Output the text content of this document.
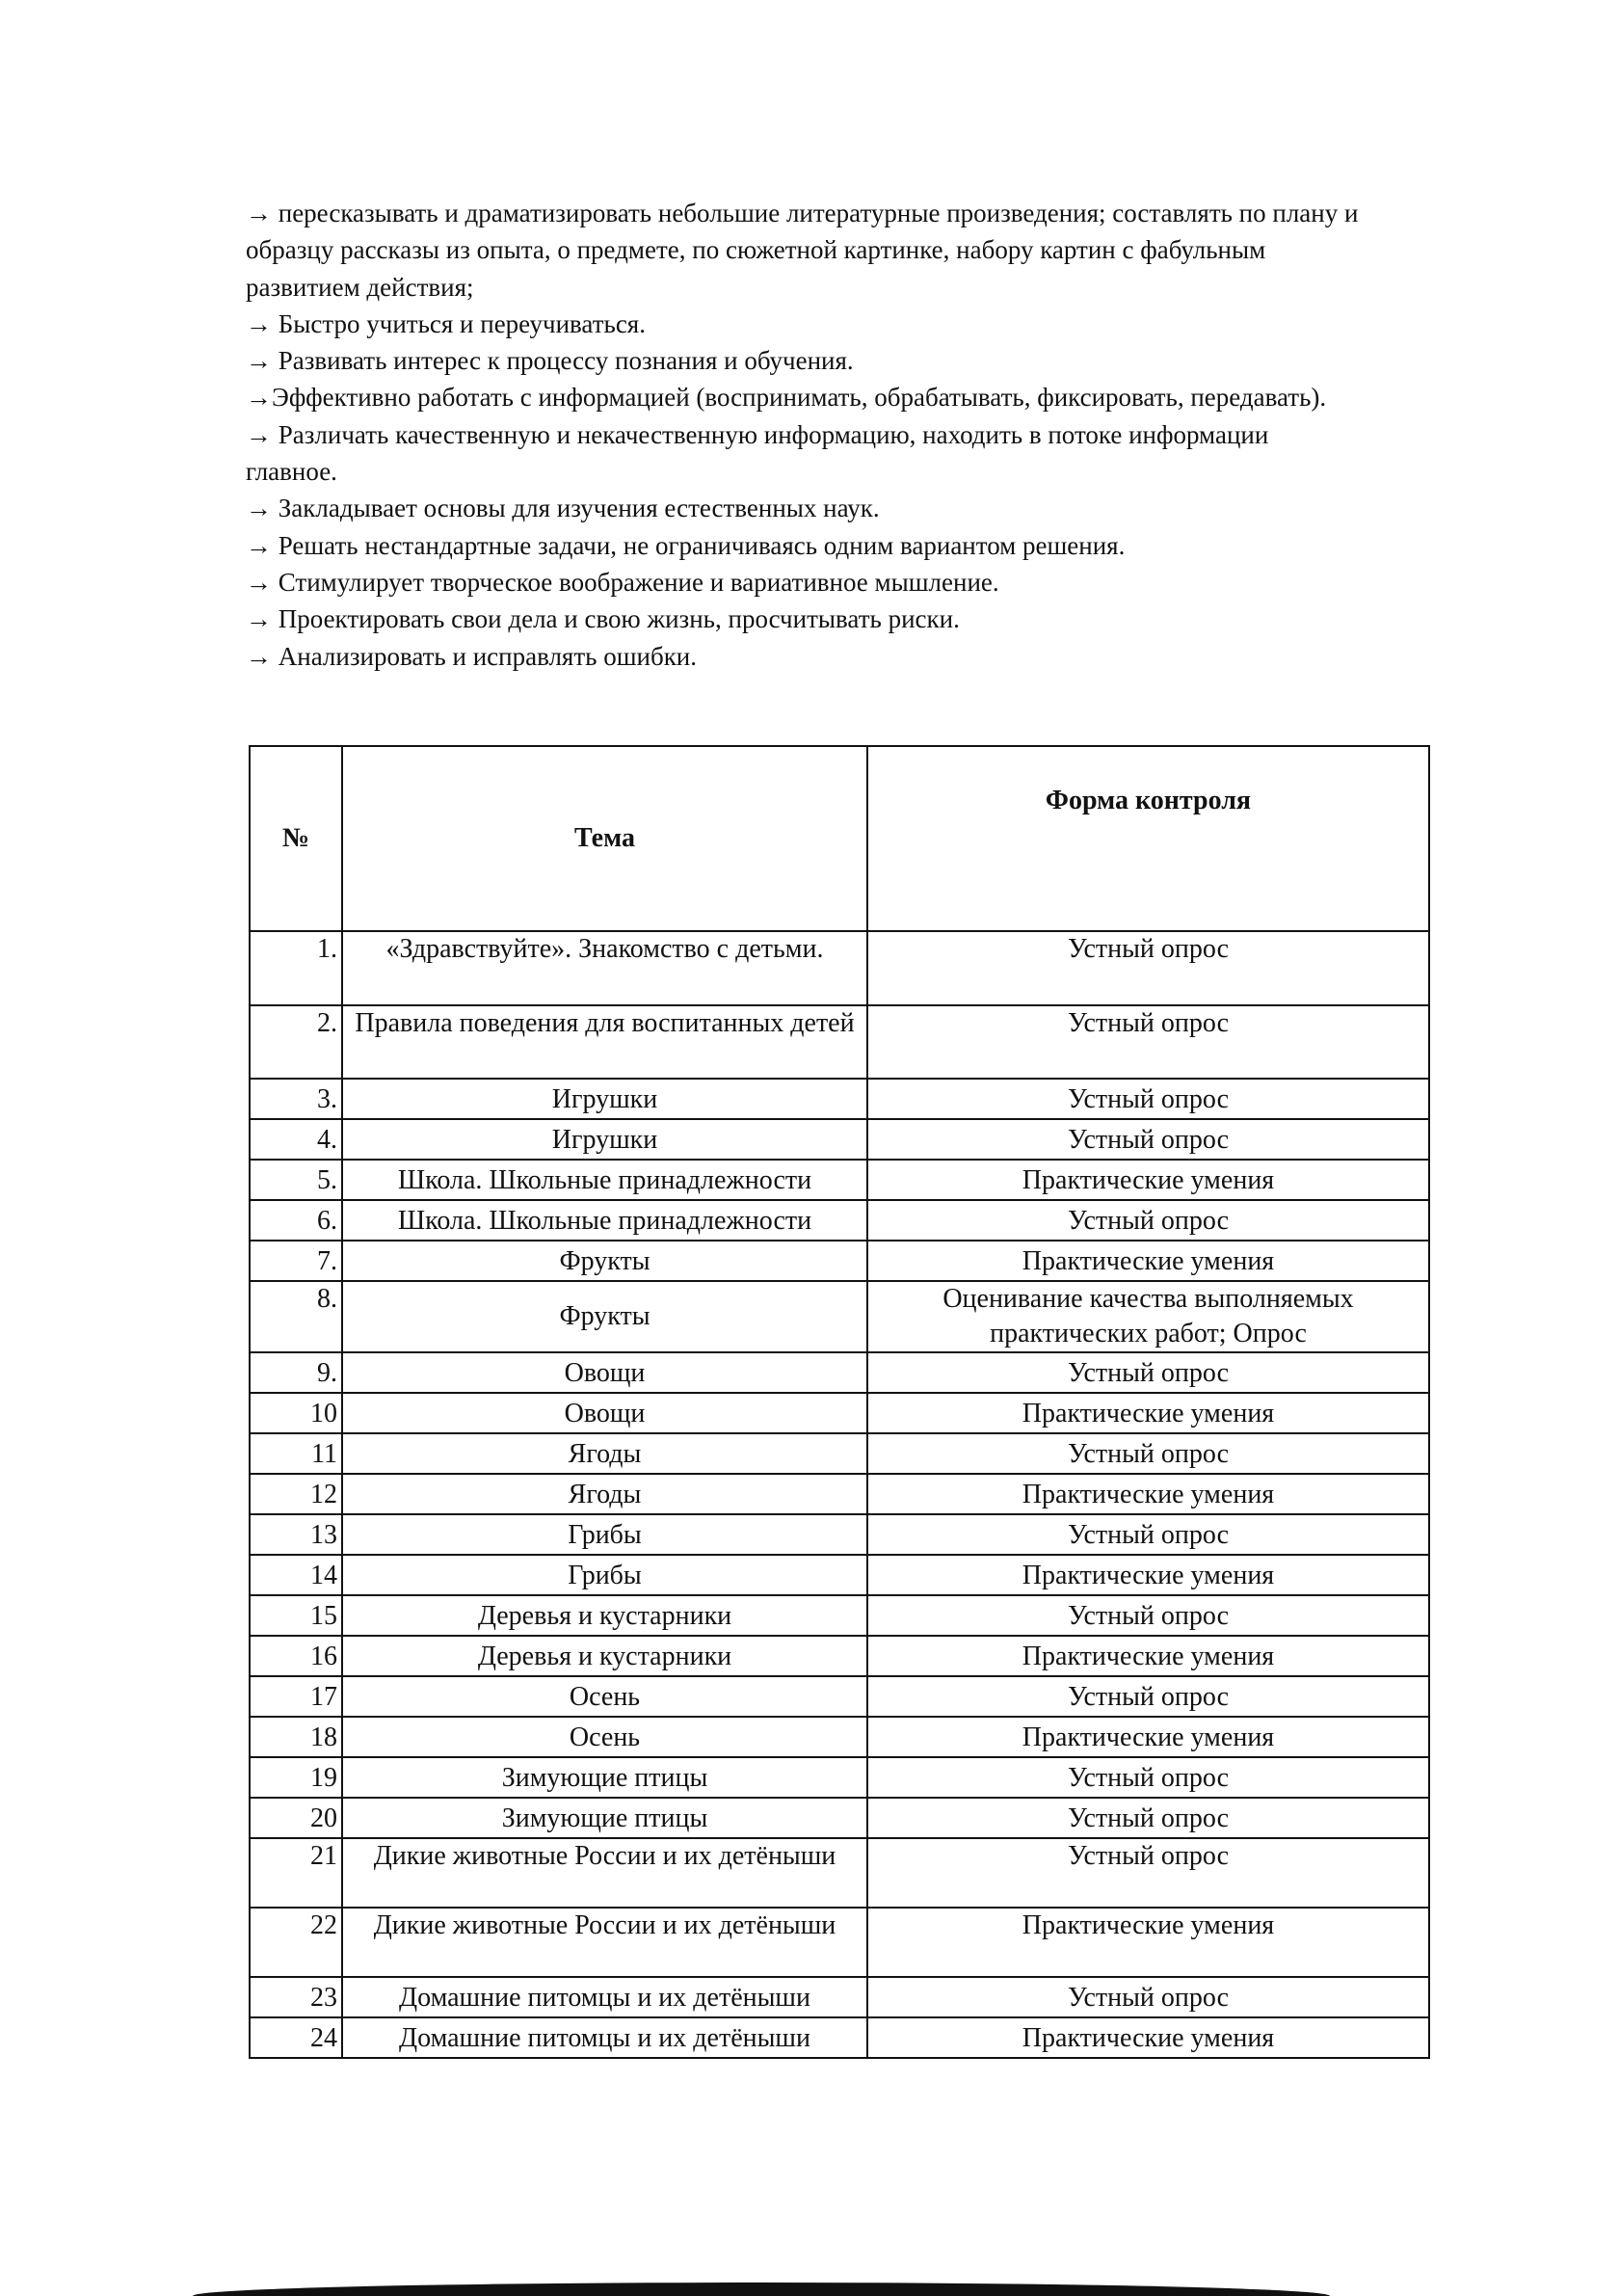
→ пересказывать и драматизировать небольшие литературные произведения; составлять по плану и образцу рассказы из опыта, о предмете, по сюжетной картинке, набору картин с фабульным развитием действия;

→ Быстро учиться и переучиваться.

→ Развивать интерес к процессу познания и обучения.

→Эффективно работать с информацией (воспринимать, обрабатывать, фиксировать, передавать).

→ Различать качественную и некачественную информацию, находить в потоке информации главное.

→ Закладывает основы для изучения естественных наук.

→ Решать нестандартные задачи, не ограничиваясь одним вариантом решения.

→ Стимулирует творческое воображение и вариативное мышление.

→ Проектировать свои дела и свою жизнь, просчитывать риски.

→ Анализировать и исправлять ошибки.

№	Тема	Форма контроля
1.	«Здравствуйте». Знакомство с детьми.	Устный опрос
2.	Правила поведения для воспитанных детей	Устный опрос
3.	Игрушки	Устный опрос
4.	Игрушки	Устный опрос
5.	Школа. Школьные принадлежности	Практические умения
6.	Школа. Школьные принадлежности	Устный опрос
7.	Фрукты	Практические умения
8.	Фрукты	Оценивание качества выполняемых практических работ; Опрос
9.	Овощи	Устный опрос
10	Овощи	Практические умения
11	Ягоды	Устный опрос
12	Ягоды	Практические умения
13	Грибы	Устный опрос
14	Грибы	Практические умения
15	Деревья и кустарники	Устный опрос
16	Деревья и кустарники	Практические умения
17	Осень	Устный опрос
18	Осень	Практические умения
19	Зимующие птицы	Устный опрос
20	Зимующие птицы	Устный опрос
21	Дикие животные России и их детёныши	Устный опрос
22	Дикие животные России и их детёныши	Практические умения
23	Домашние питомцы и их детёныши	Устный опрос
24	Домашние питомцы и их детёныши	Практические умения
